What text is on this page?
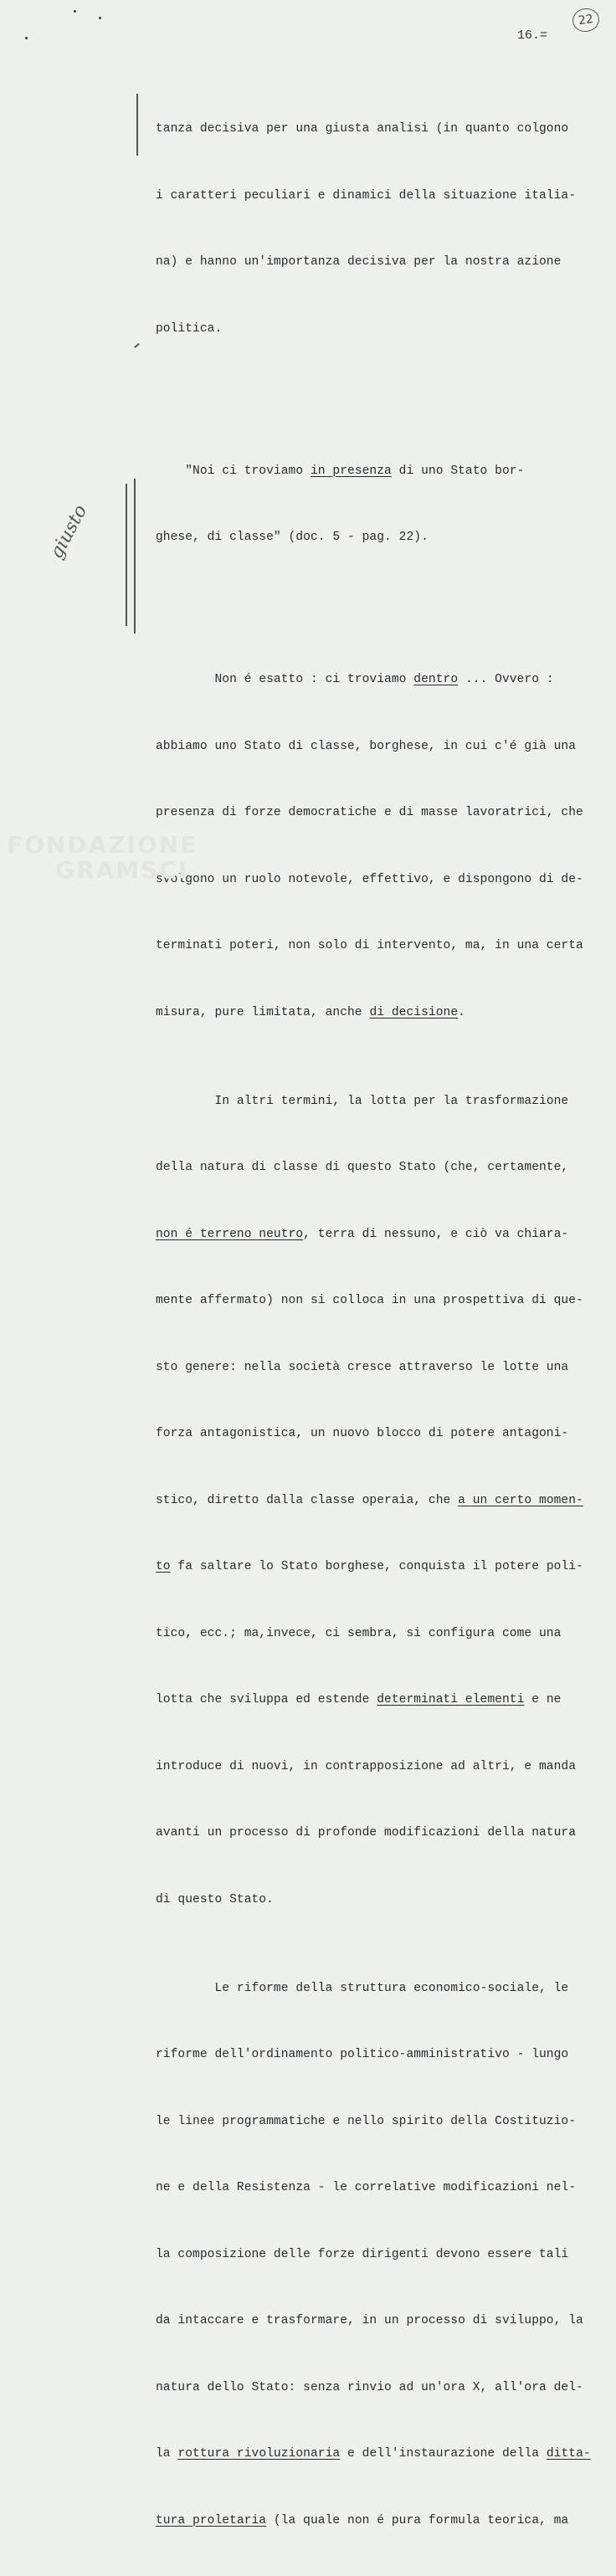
22
16.=
giusto

tanza decisiva per una giusta analisi (in quanto colgono

i caratteri peculiari e dinamici della situazione italia-

na) e hanno un'importanza decisiva per la nostra azione

politica.

"Noi ci troviamo in presenza di uno Stato bor-

ghese, di classe" (doc. 5 - pag. 22).

Non é esatto : ci troviamo dentro ... Ovvero :

abbiamo uno Stato di classe, borghese, in cui c'é già una

presenza di forze democratiche e di masse lavoratrici, che

svolgono un ruolo notevole, effettivo, e dispongono di de-

terminati poteri, non solo di intervento, ma, in una certa

misura, pure limitata, anche di decisione.

In altri termini, la lotta per la trasformazione

della natura di classe di questo Stato (che, certamente,

non é terreno neutro, terra di nessuno, e ciò va chiara-

mente affermato) non si colloca in una prospettiva di que-

sto genere: nella società cresce attraverso le lotte una

forza antagonistica, un nuovo blocco di potere antagoni-

stico, diretto dalla classe operaia, che a un certo momen-

to fa saltare lo Stato borghese, conquista il potere poli-

tico, ecc.; ma,invece, ci sembra, si configura come una

lotta che sviluppa ed estende determinati elementi e ne

introduce di nuovi, in contrapposizione ad altri, e manda

avanti un processo di profonde modificazioni della natura

di questo Stato.

Le riforme della struttura economico-sociale, le

riforme dell'ordinamento politico-amministrativo - lungo

le linee programmatiche e nello spirito della Costituzio-

ne e della Resistenza - le correlative modificazioni nel-

la composizione delle forze dirigenti devono essere tali

da intaccare e trasformare, in un processo di sviluppo, la

natura dello Stato: senza rinvio ad un'ora X, all'ora del-

la rottura rivoluzionaria e dell'instaurazione della ditta-

tura proletaria (la quale non é pura formula teorica, ma

FONDAZIONE
GRAMSCI
